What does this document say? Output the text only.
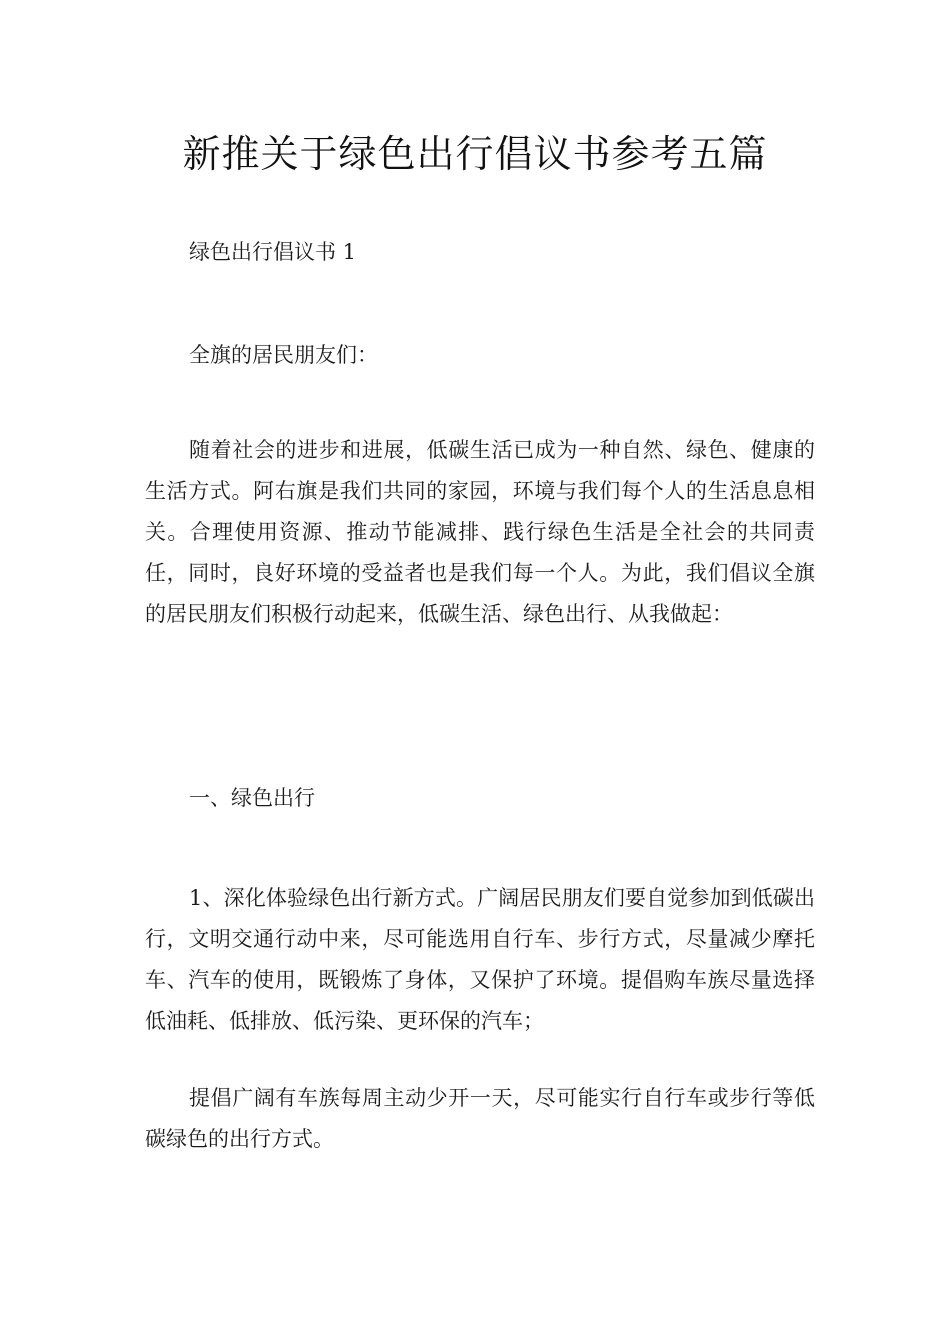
新推关于绿色出行倡议书参考五篇

绿色出行倡议书 1

全旗的居民朋友们：

随着社会的进步和进展，低碳生活已成为一种自然、绿色、健康的生活方式。阿右旗是我们共同的家园，环境与我们每个人的生活息息相关。合理使用资源、推动节能减排、践行绿色生活是全社会的共同责任，同时，良好环境的受益者也是我们每一个人。为此，我们倡议全旗的居民朋友们积极行动起来，低碳生活、绿色出行、从我做起：

一、绿色出行

1、深化体验绿色出行新方式。广阔居民朋友们要自觉参加到低碳出行，文明交通行动中来，尽可能选用自行车、步行方式，尽量减少摩托车、汽车的使用，既锻炼了身体，又保护了环境。提倡购车族尽量选择低油耗、低排放、低污染、更环保的汽车；

提倡广阔有车族每周主动少开一天，尽可能实行自行车或步行等低碳绿色的出行方式。
